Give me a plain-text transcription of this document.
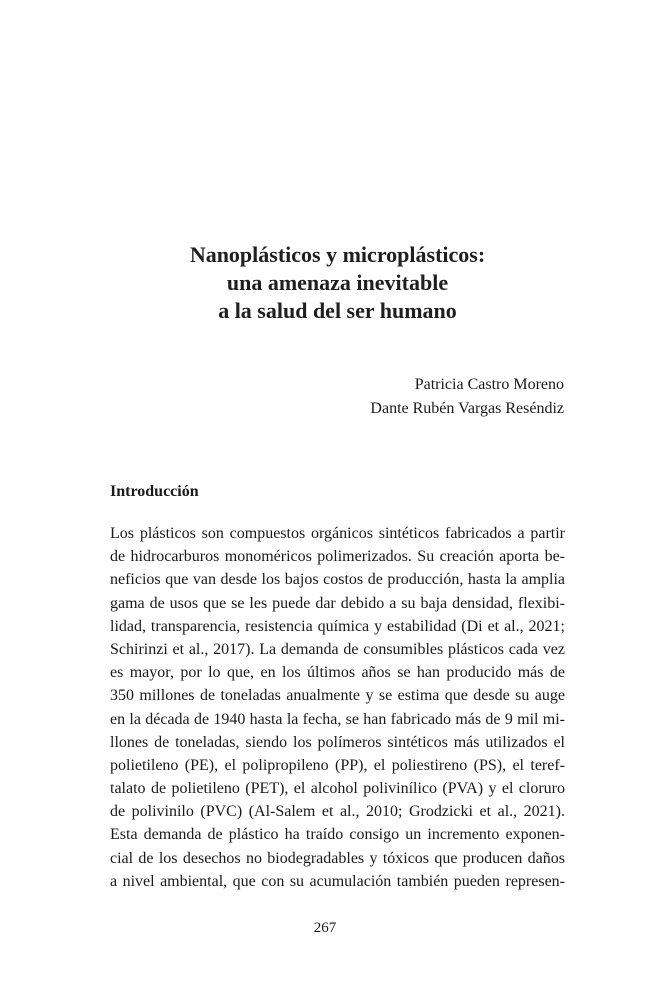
Nanoplásticos y microplásticos:
una amenaza inevitable
a la salud del ser humano
Patricia Castro Moreno
Dante Rubén Vargas Reséndiz
Introducción
Los plásticos son compuestos orgánicos sintéticos fabricados a partir
de hidrocarburos monoméricos polimerizados. Su creación aporta be-
neficios que van desde los bajos costos de producción, hasta la amplia
gama de usos que se les puede dar debido a su baja densidad, flexibi-
lidad, transparencia, resistencia química y estabilidad (Di et al., 2021;
Schirinzi et al., 2017). La demanda de consumibles plásticos cada vez
es mayor, por lo que, en los últimos años se han producido más de
350 millones de toneladas anualmente y se estima que desde su auge
en la década de 1940 hasta la fecha, se han fabricado más de 9 mil mi-
llones de toneladas, siendo los polímeros sintéticos más utilizados el
polietileno (PE), el polipropileno (PP), el poliestireno (PS), el teref-
talato de polietileno (PET), el alcohol polivinílico (PVA) y el cloruro
de polivinilo (PVC) (Al-Salem et al., 2010; Grodzicki et al., 2021).
Esta demanda de plástico ha traído consigo un incremento exponen-
cial de los desechos no biodegradables y tóxicos que producen daños
a nivel ambiental, que con su acumulación también pueden represen-
267
